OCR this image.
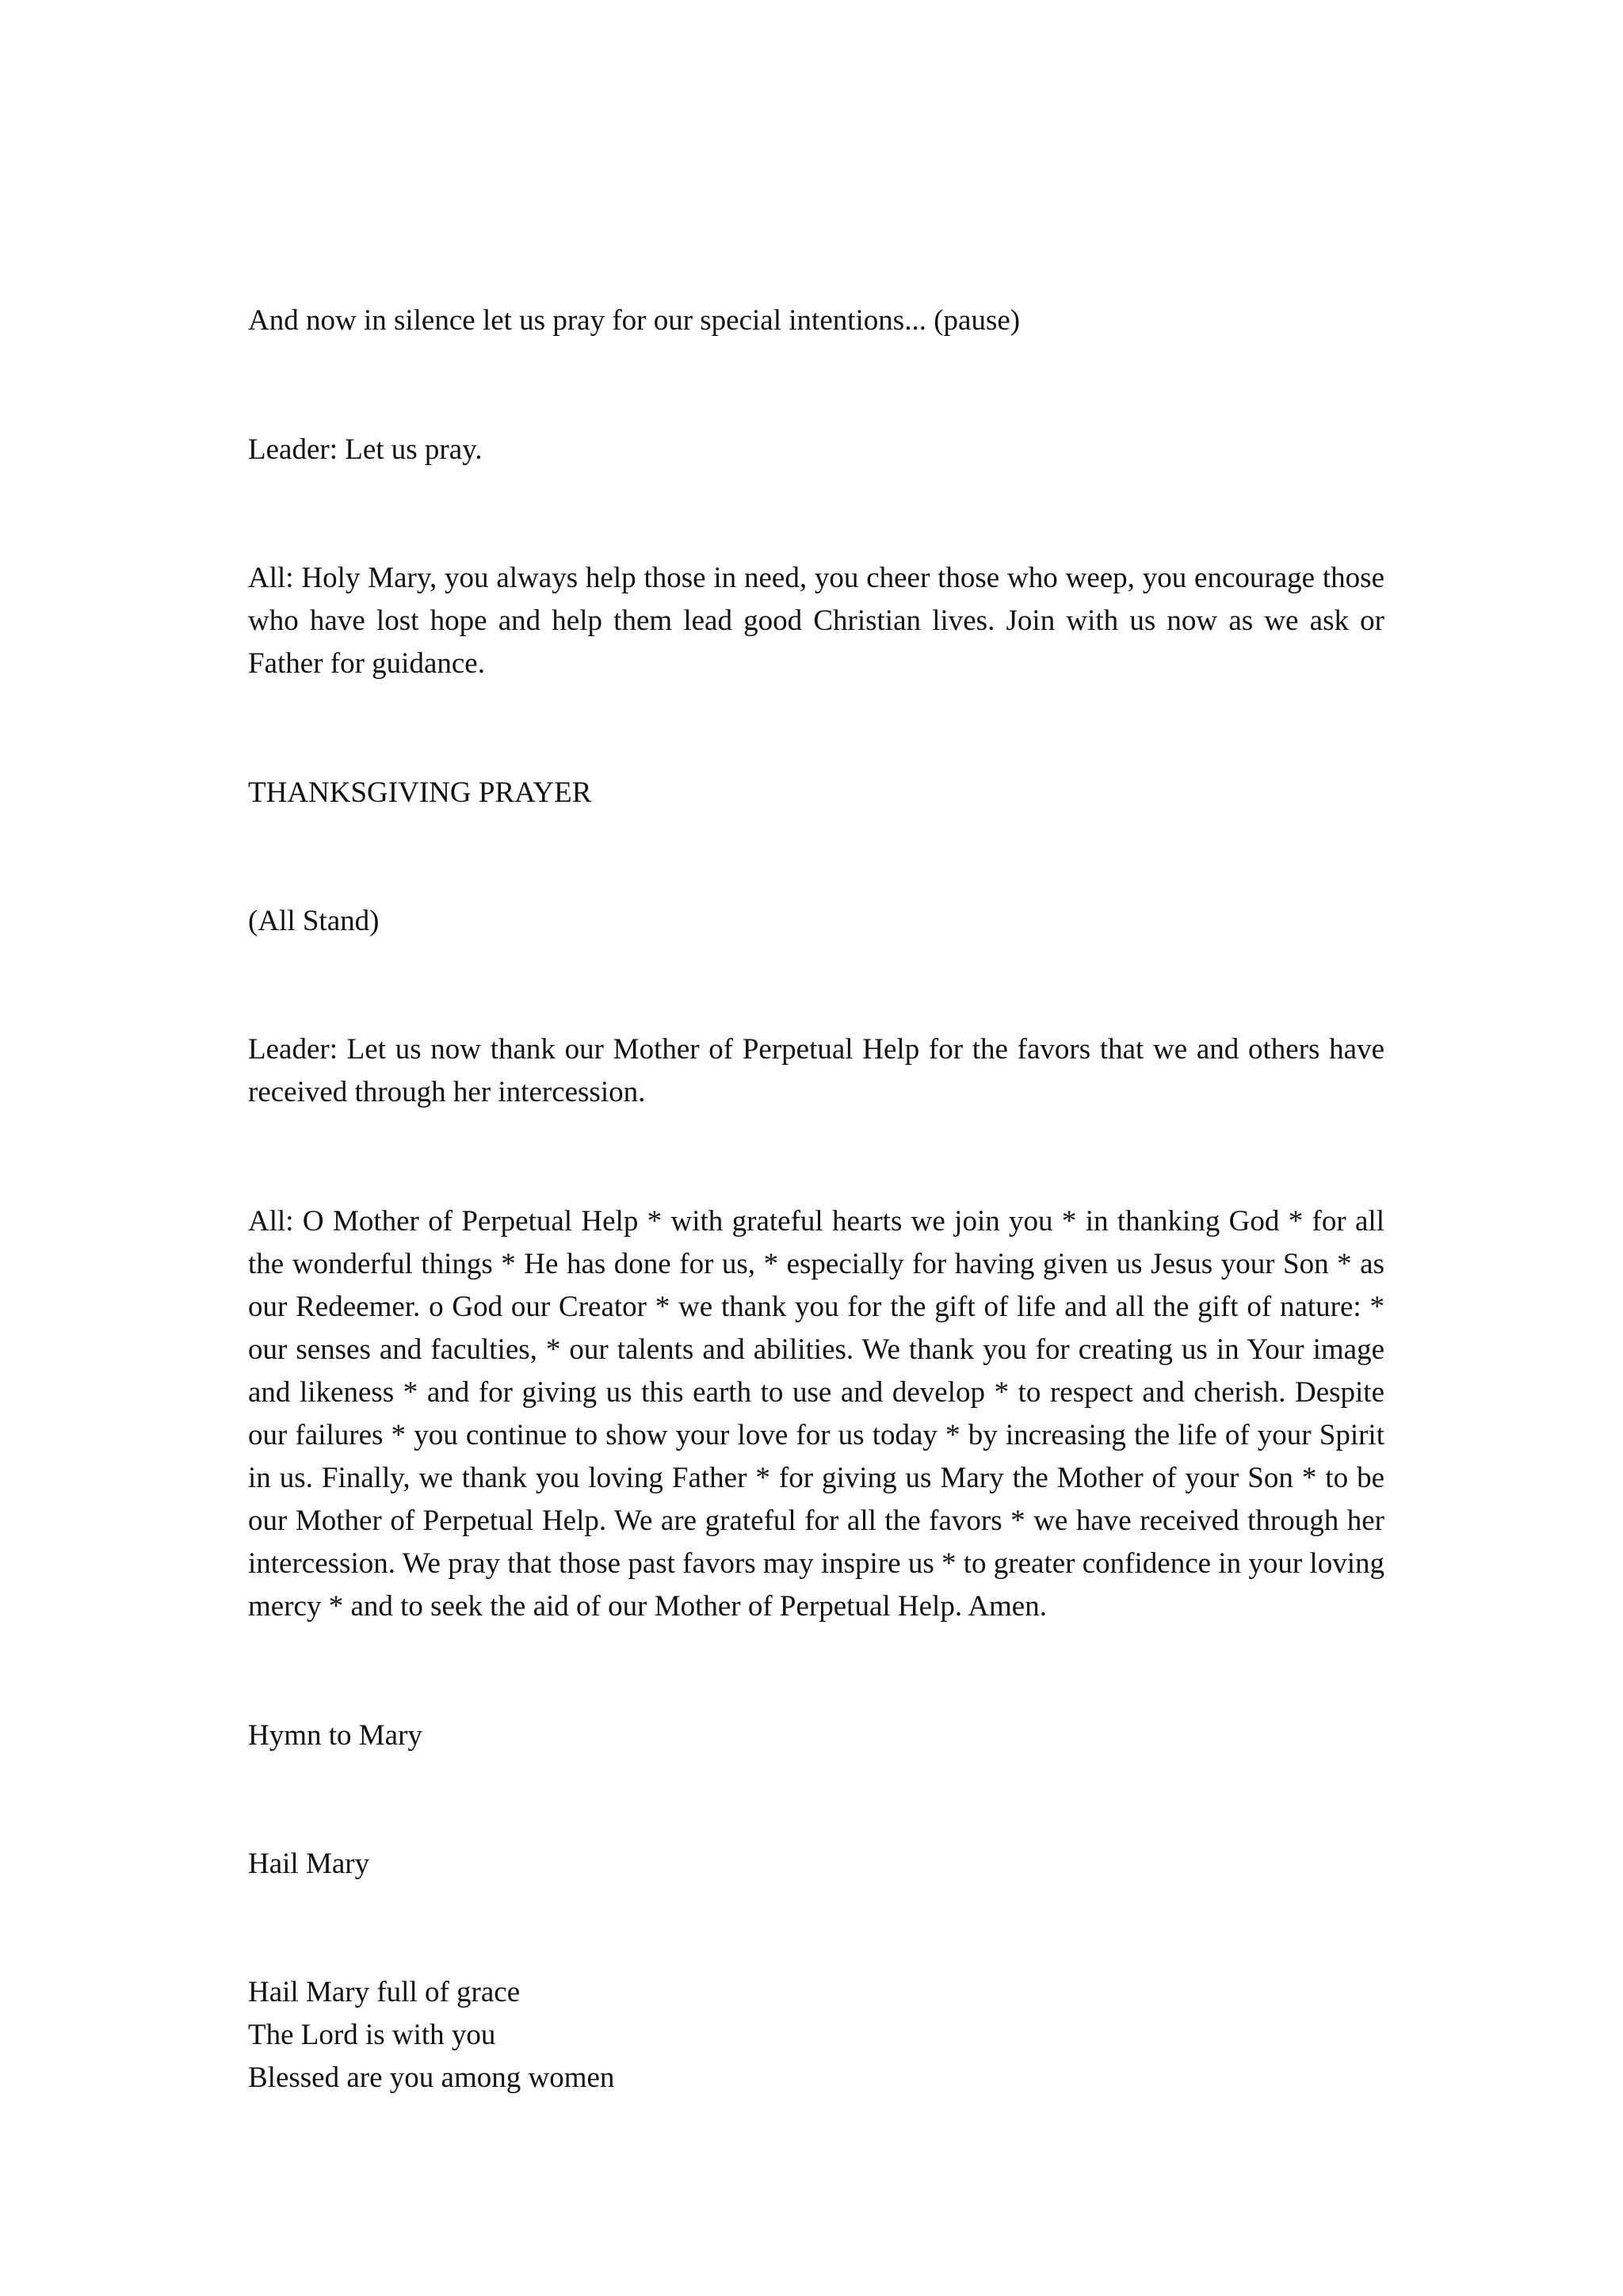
And now in silence let us pray for our special intentions... (pause)

Leader: Let us pray.

All: Holy Mary, you always help those in need, you cheer those who weep, you encourage those who have lost hope and help them lead good Christian lives. Join with us now as we ask or Father for guidance.

THANKSGIVING PRAYER

(All Stand)

Leader: Let us now thank our Mother of Perpetual Help for the favors that we and others have received through her intercession.

All: O Mother of Perpetual Help * with grateful hearts we join you * in thanking God * for all the wonderful things * He has done for us, * especially for having given us Jesus your Son * as our Redeemer. o God our Creator * we thank you for the gift of life and all the gift of nature: * our senses and faculties, * our talents and abilities. We thank you for creating us in Your image and likeness * and for giving us this earth to use and develop * to respect and cherish. Despite our failures * you continue to show your love for us today * by increasing the life of your Spirit in us. Finally, we thank you loving Father * for giving us Mary the Mother of your Son * to be our Mother of Perpetual Help. We are grateful for all the favors * we have received through her intercession. We pray that those past favors may inspire us * to greater confidence in your loving mercy * and to seek the aid of our Mother of Perpetual Help. Amen.

Hymn to Mary

Hail Mary

Hail Mary full of grace
The Lord is with you
Blessed are you among women
